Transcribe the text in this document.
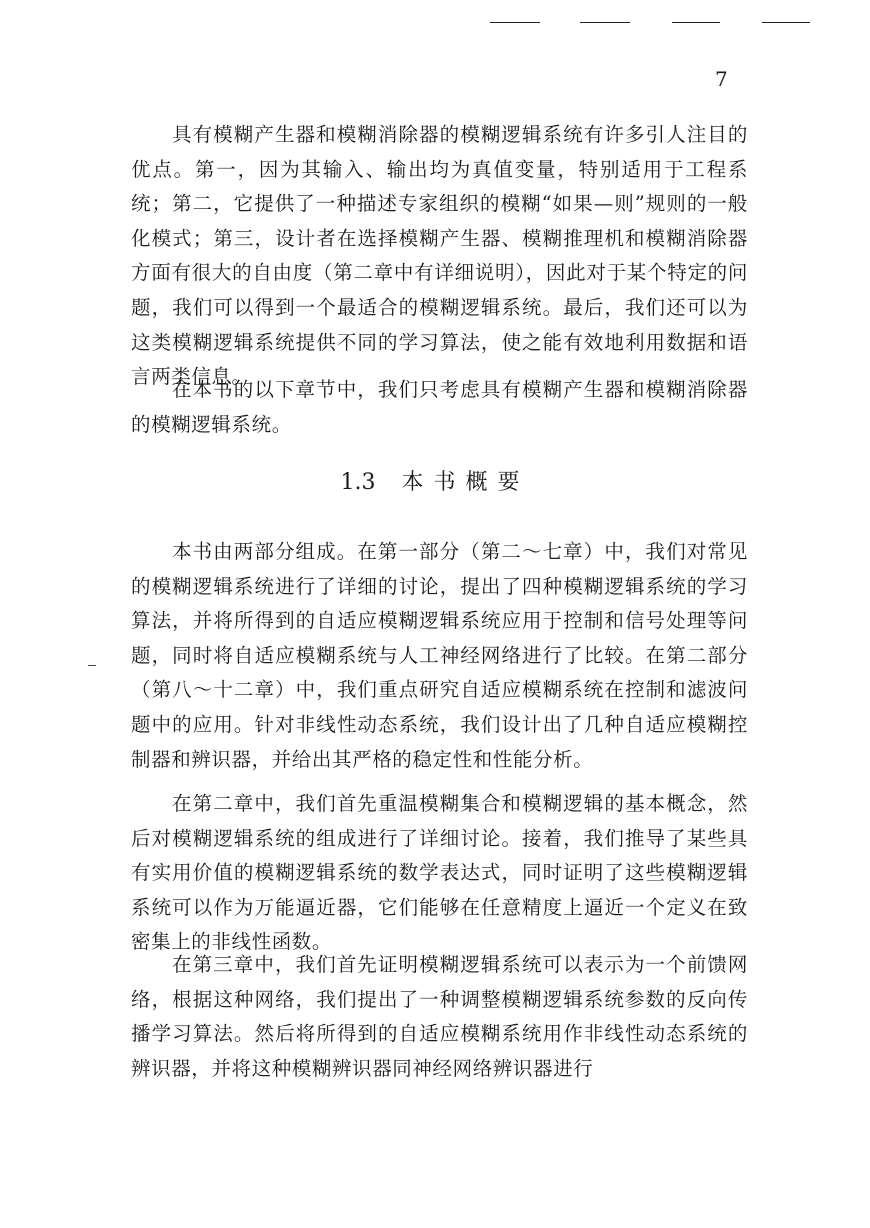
7

具有模糊产生器和模糊消除器的模糊逻辑系统有许多引人注目的优点。第一，因为其输入、输出均为真值变量，特别适用于工程系统；第二，它提供了一种描述专家组织的模糊“如果—则”规则的一般化模式；第三，设计者在选择模糊产生器、模糊推理机和模糊消除器方面有很大的自由度（第二章中有详细说明），因此对于某个特定的问题，我们可以得到一个最适合的模糊逻辑系统。最后，我们还可以为这类模糊逻辑系统提供不同的学习算法，使之能有效地利用数据和语言两类信息。

在本书的以下章节中，我们只考虑具有模糊产生器和模糊消除器的模糊逻辑系统。

1.3 本书概要

本书由两部分组成。在第一部分（第二～七章）中，我们对常见的模糊逻辑系统进行了详细的讨论，提出了四种模糊逻辑系统的学习算法，并将所得到的自适应模糊逻辑系统应用于控制和信号处理等问题，同时将自适应模糊系统与人工神经网络进行了比较。在第二部分（第八～十二章）中，我们重点研究自适应模糊系统在控制和滤波问题中的应用。针对非线性动态系统，我们设计出了几种自适应模糊控制器和辨识器，并给出其严格的稳定性和性能分析。

在第二章中，我们首先重温模糊集合和模糊逻辑的基本概念，然后对模糊逻辑系统的组成进行了详细讨论。接着，我们推导了某些具有实用价值的模糊逻辑系统的数学表达式，同时证明了这些模糊逻辑系统可以作为万能逼近器，它们能够在任意精度上逼近一个定义在致密集上的非线性函数。

在第三章中，我们首先证明模糊逻辑系统可以表示为一个前馈网络，根据这种网络，我们提出了一种调整模糊逻辑系统参数的反向传播学习算法。然后将所得到的自适应模糊系统用作非线性动态系统的辨识器，并将这种模糊辨识器同神经网络辨识器进行
